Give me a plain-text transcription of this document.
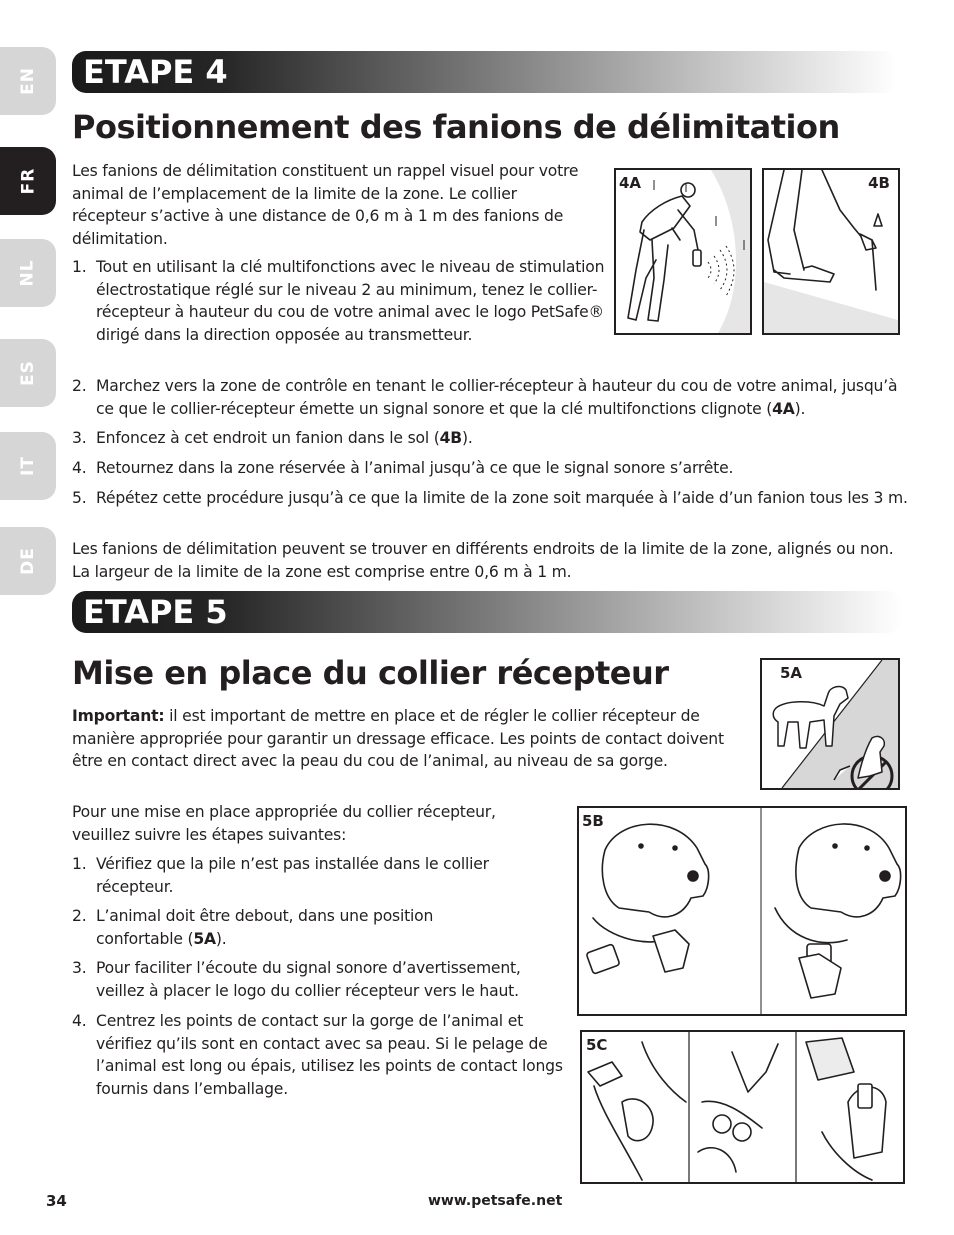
EN
FR
NL
ES
IT
DE
ETAPE 4
Positionnement des fanions de délimitation

Les fanions de délimitation constituent un rappel visuel pour votre animal de l’emplacement de la limite de la zone. Le collier récepteur s’active à une distance de 0,6 m à 1 m des fanions de délimitation.

1. Tout en utilisant la clé multifonctions avec le niveau de stimulation électrostatique réglé sur le niveau 2 au minimum, tenez le collier-récepteur à hauteur du cou de votre animal avec le logo PetSafe® dirigé dans la direction opposée au transmetteur.
2. Marchez vers la zone de contrôle en tenant le collier-récepteur à hauteur du cou de votre animal, jusqu’à ce que le collier-récepteur émette un signal sonore et que la clé multifonctions clignote (4A).
3. Enfoncez à cet endroit un fanion dans le sol (4B).
4. Retournez dans la zone réservée à l’animal jusqu’à ce que le signal sonore s’arrête.
5. Répétez cette procédure jusqu’à ce que la limite de la zone soit marquée à l’aide d’un fanion tous les 3 m.

Les fanions de délimitation peuvent se trouver en différents endroits de la limite de la zone, alignés ou non. La largeur de la limite de la zone est comprise entre 0,6 m à 1 m.

4A	4B
ETAPE 5
Mise en place du collier récepteur

Important: il est important de mettre en place et de régler le collier récepteur de manière appropriée pour garantir un dressage efficace. Les points de contact doivent être en contact direct avec la peau du cou de l’animal, au niveau de sa gorge.

Pour une mise en place appropriée du collier récepteur, veuillez suivre les étapes suivantes:

1. Vérifiez que la pile n’est pas installée dans le collier récepteur.
2. L’animal doit être debout, dans une position confortable (5A).
3. Pour faciliter l’écoute du signal sonore d’avertissement, veillez à placer le logo du collier récepteur vers le haut.
4. Centrez les points de contact sur la gorge de l’animal et vérifiez qu’ils sont en contact avec sa peau. Si le pelage de l’animal est long ou épais, utilisez les points de contact longs fournis dans l’emballage.
5A
5B
5C
34	www.petsafe.net
